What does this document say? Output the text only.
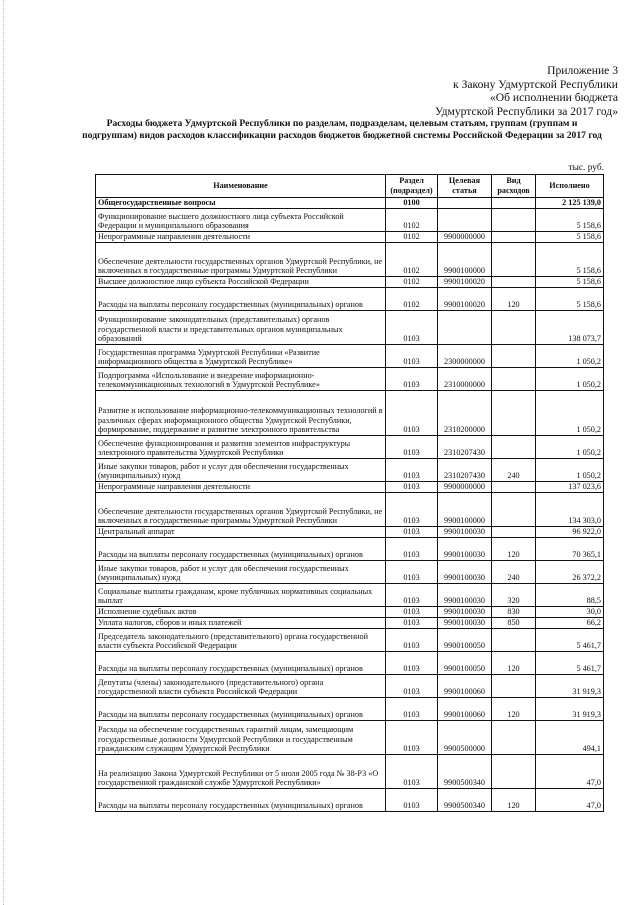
Приложение 3
к Закону Удмуртской Республики
«Об исполнении бюджета
Удмуртской Республики за 2017 год»
Расходы бюджета Удмуртской Республики по разделам, подразделам, целевым статьям, группам (группам и подгруппам) видов расходов классификации расходов бюджетов бюджетной системы Российской Федерации за 2017 год
тыс. руб.
Наименование	Раздел (подраздел)	Целевая статья	Вид расходов	Исполнено
Общегосударственные вопросы	0100			2 125 139,0
Функционирование высшего должностного лица субъекта Российской Федерации и муниципального образования	0102			5 158,6
Непрограммные направления деятельности	0102	9900000000		5 158,6
Обеспечение деятельности государственных органов Удмуртской Республики, не включенных в государственные программы Удмуртской Республики	0102	9900100000		5 158,6
Высшее должностное лицо субъекта Российской Федерации	0102	9900100020		5 158,6
Расходы на выплаты персоналу государственных (муниципальных) органов	0102	9900100020	120	5 158,6
Функционирование законодательных (представительных) органов государственной власти и представительных органов муниципальных образований	0103			138 073,7
Государственная программа Удмуртской Республики «Развитие информационного общества в Удмуртской Республике»	0103	2300000000		1 050,2
Подпрограмма «Использование и внедрение информационно-телекоммуникационных технологий в Удмуртской Республике»	0103	2310000000		1 050,2
Развитие и использование информационно-телекоммуникационных технологий в различных сферах информационного общества Удмуртской Республики, формирование, поддержание и развитие электронного правительства	0103	2310200000		1 050,2
Обеспечение функционирования и развития элементов инфраструктуры электронного правительства Удмуртской Республики	0103	2310207430		1 050,2
Иные закупки товаров, работ и услуг для обеспечения государственных (муниципальных) нужд	0103	2310207430	240	1 050,2
Непрограммные направления деятельности	0103	9900000000		137 023,6
Обеспечение деятельности государственных органов Удмуртской Республики, не включенных в государственные программы Удмуртской Республики	0103	9900100000		134 303,0
Центральный аппарат	0103	9900100030		96 922,0
Расходы на выплаты персоналу государственных (муниципальных) органов	0103	9900100030	120	70 365,1
Иные закупки товаров, работ и услуг для обеспечения государственных (муниципальных) нужд	0103	9900100030	240	26 372,2
Социальные выплаты гражданам, кроме публичных нормативных социальных выплат	0103	9900100030	320	88,5
Исполнение судебных актов	0103	9900100030	830	30,0
Уплата налогов, сборов и иных платежей	0103	9900100030	850	66,2
Председатель законодательного (представительного) органа государственной власти субъекта Российской Федерации	0103	9900100050		5 461,7
Расходы на выплаты персоналу государственных (муниципальных) органов	0103	9900100050	120	5 461,7
Депутаты (члены) законодательного (представительного) органа государственной власти субъекта Российской Федерации	0103	9900100060		31 919,3
Расходы на выплаты персоналу государственных (муниципальных) органов	0103	9900100060	120	31 919,3
Расходы на обеспечение государственных гарантий лицам, замещающим государственные должности Удмуртской Республики и государственным гражданским служащим Удмуртской Республики	0103	9900500000		494,1
На реализацию Закона Удмуртской Республики от 5 июля 2005 года № 38-РЗ «О государственной гражданской службе Удмуртской Республики»	0103	9900500340		47,0
Расходы на выплаты персоналу государственных (муниципальных) органов	0103	9900500340	120	47,0
